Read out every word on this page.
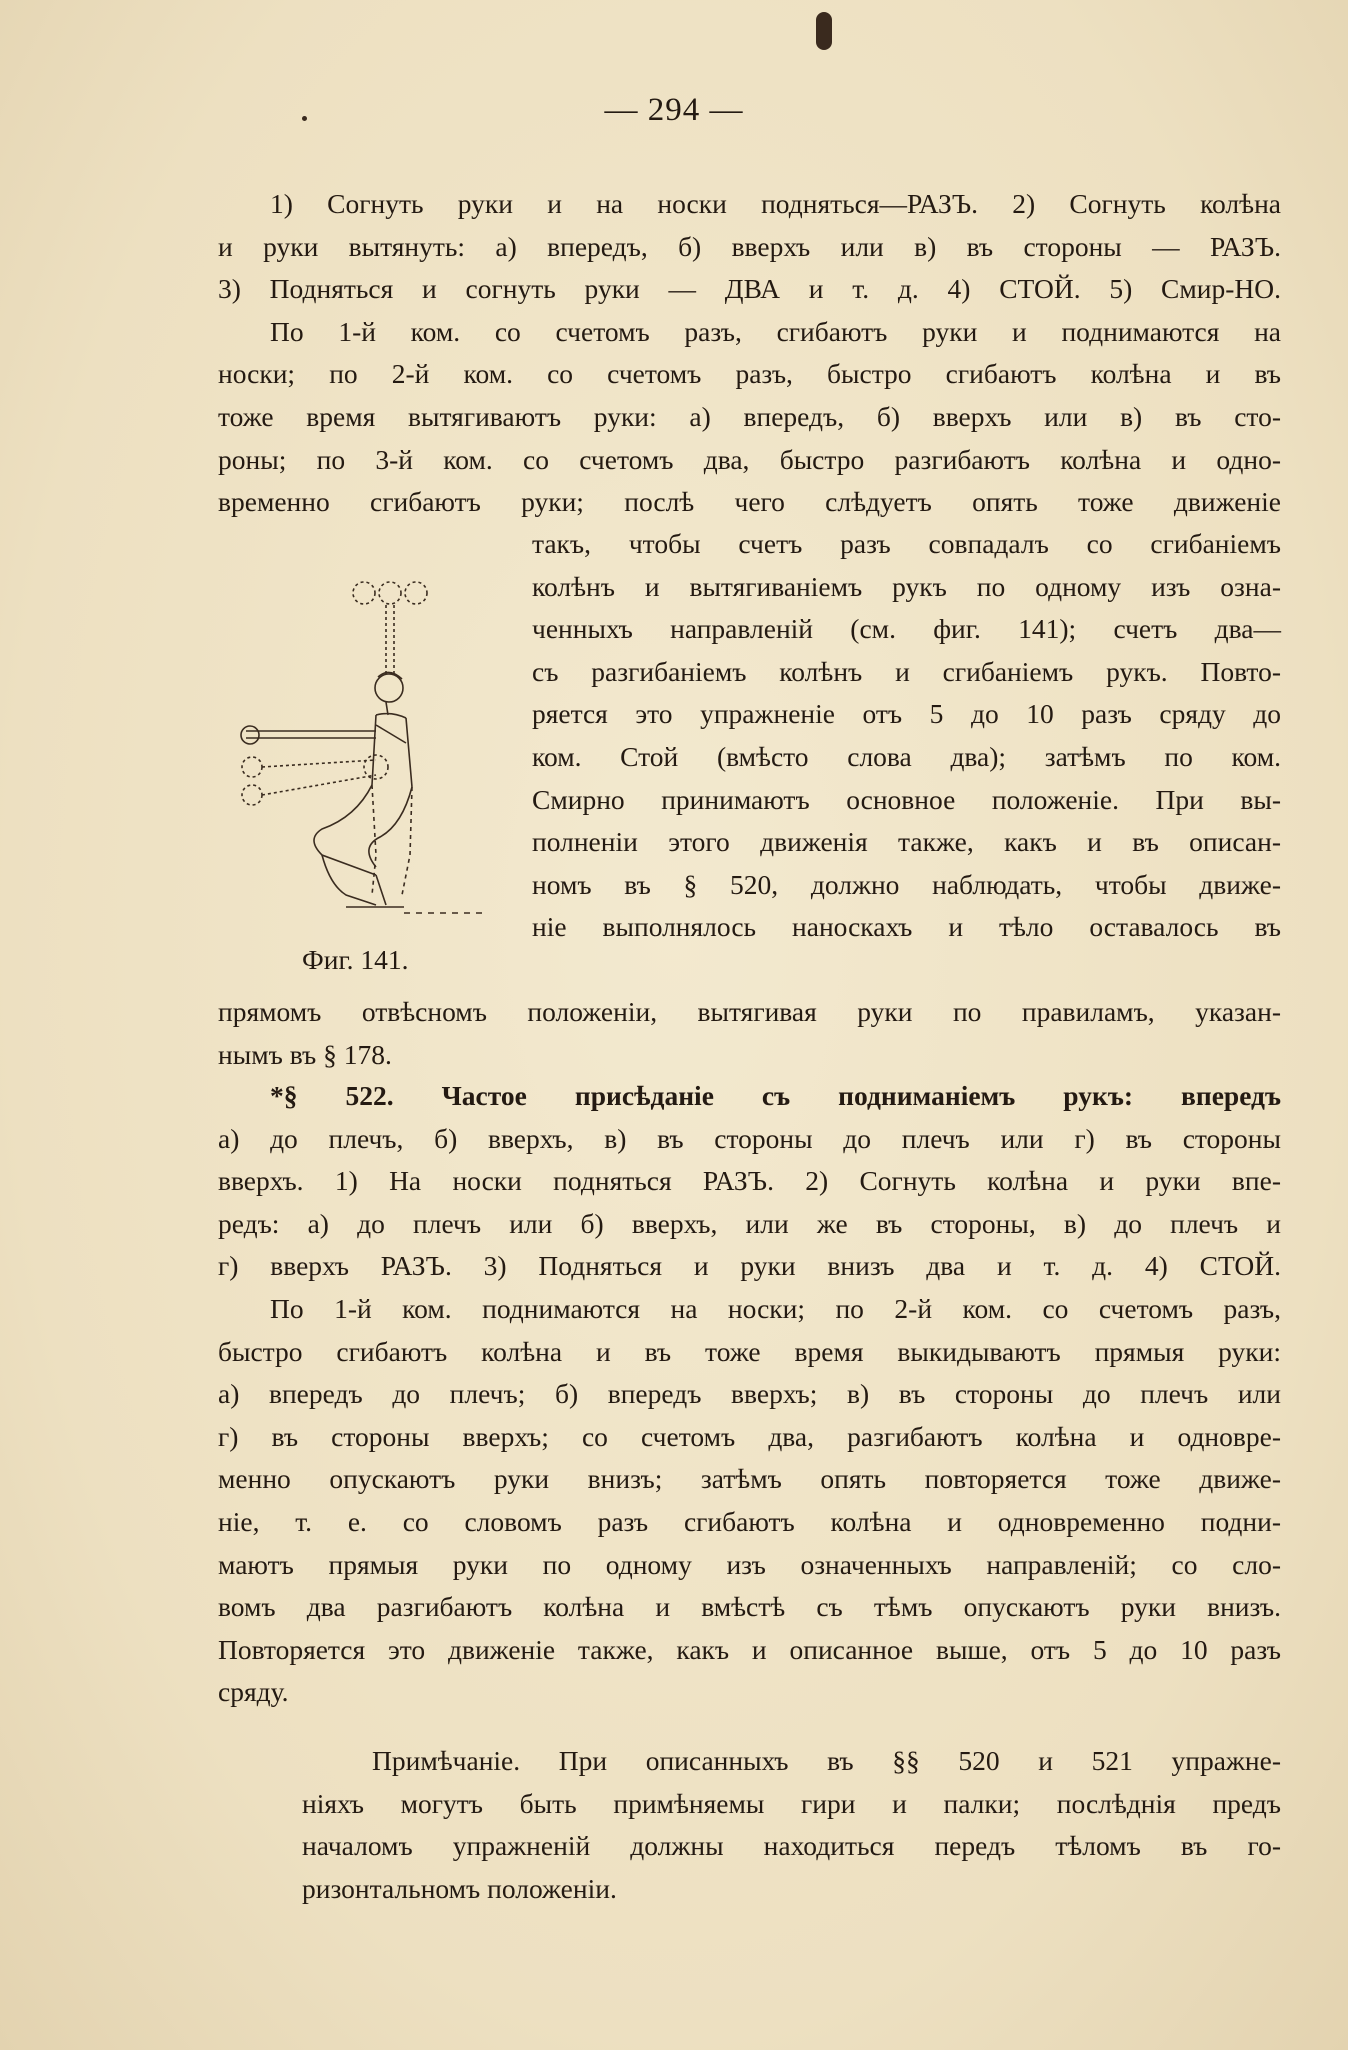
— 294 —
1) Согнуть руки и на носки подняться—РАЗЪ. 2) Согнуть колѣна
и руки вытянуть: а) впередъ, б) вверхъ или в) въ стороны — РАЗЪ.
3) Подняться и согнуть руки — ДВА и т. д. 4) СТОЙ. 5) Смир-НО.
По 1-й ком. со счетомъ разъ, сгибаютъ руки и поднимаются на
носки; по 2-й ком. со счетомъ разъ, быстро сгибаютъ колѣна и въ
тоже время вытягиваютъ руки: а) впередъ, б) вверхъ или в) въ сто-
роны; по 3-й ком. со счетомъ два, быстро разгибаютъ колѣна и одно-
временно сгибаютъ руки; послѣ чего слѣдуетъ опять тоже движеніе
такъ, чтобы счетъ разъ совпадалъ со сгибаніемъ
колѣнъ и вытягиваніемъ рукъ по одному изъ озна-
ченныхъ направленій (см. фиг. 141); счетъ два—
съ разгибаніемъ колѣнъ и сгибаніемъ рукъ. Повто-
ряется это упражненіе отъ 5 до 10 разъ сряду до
ком. Стой (вмѣсто слова два); затѣмъ по ком.
Смирно принимаютъ основное положеніе. При вы-
полненіи этого движенія также, какъ и въ описан-
номъ въ § 520, должно наблюдать, чтобы движе-
ніе выполнялось наноскахъ и тѣло оставалось въ
Фиг. 141.
прямомъ отвѣсномъ положеніи, вытягивая руки по правиламъ, указан-
нымъ въ § 178.
*§ 522. Частое присѣданіе съ подниманіемъ рукъ: впередъ
а) до плечъ, б) вверхъ, в) въ стороны до плечъ или г) въ стороны
вверхъ. 1) На носки подняться РАЗЪ. 2) Согнуть колѣна и руки впе-
редъ: а) до плечъ или б) вверхъ, или же въ стороны, в) до плечъ и
г) вверхъ РАЗЪ. 3) Подняться и руки внизъ два и т. д. 4) СТОЙ.
По 1-й ком. поднимаются на носки; по 2-й ком. со счетомъ разъ,
быстро сгибаютъ колѣна и въ тоже время выкидываютъ прямыя руки:
а) впередъ до плечъ; б) впередъ вверхъ; в) въ стороны до плечъ или
г) въ стороны вверхъ; со счетомъ два, разгибаютъ колѣна и одновре-
менно опускаютъ руки внизъ; затѣмъ опять повторяется тоже движе-
ніе, т. е. со словомъ разъ сгибаютъ колѣна и одновременно подни-
маютъ прямыя руки по одному изъ означенныхъ направленій; со сло-
вомъ два разгибаютъ колѣна и вмѣстѣ съ тѣмъ опускаютъ руки внизъ.
Повторяется это движеніе также, какъ и описанное выше, отъ 5 до 10 разъ
сряду.
Примѣчаніе. При описанныхъ въ §§ 520 и 521 упражне-
ніяхъ могутъ быть примѣняемы гири и палки; послѣднія предъ
началомъ упражненій должны находиться передъ тѣломъ въ го-
ризонтальномъ положеніи.
